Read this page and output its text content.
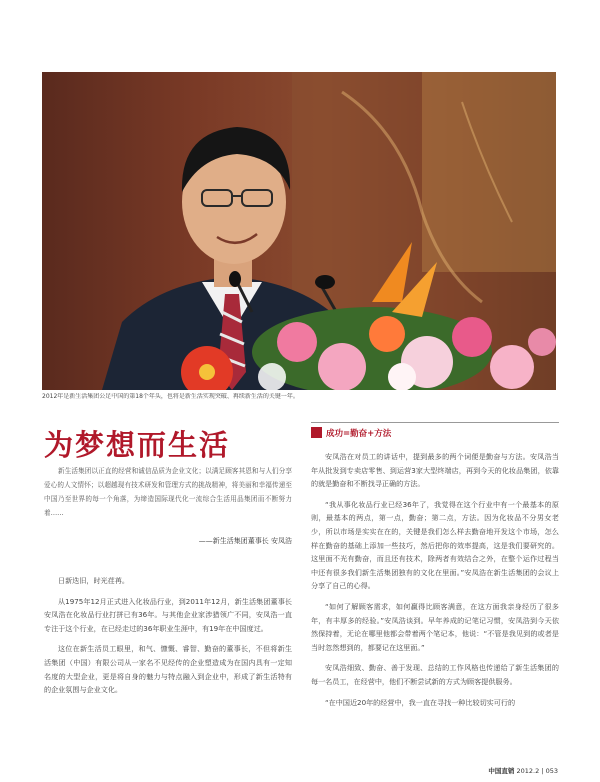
2012年是新生活集团公足中国的第18个年头，也将是新生活实现突破、再续新生活的关键一年。
为梦想而生活

新生活集团以正直的经营和诚信品质为企业文化；以满足顾客其恩和与人们分享爱心的人文情怀；以超越现有技术研发和管理方式的挑战精神，将美丽和幸福传递至中国乃至世界的每一个角落，为缔造国际现代化一流综合生活用品集团而不断努力着……

——新生活集团董事长 安凤浩
成功=勤奋+方法

安凤浩在对员工的讲话中，提到最多的两个词便是勤奋与方法。安凤浩当年从批发到专卖店零售、到运营3家大型终端店，再到今天的化妆品集团，依靠的就是勤奋和不断找寻正确的方法。

“我从事化妆品行业已经36年了，我觉得在这个行业中有一个最基本的原则，最基本的两点，第一点，勤奋；第二点，方法。因为化妆品不分男女老少，所以市场是实实在在的，关键是我们怎么样去勤奋地开发这个市场，怎么样在勤奋的基础上添加一些技巧，然后把你的效率提高，这是我们要研究的。这里面不光有勤奋，而且还有技术，除两者有效结合之外，在整个运作过程当中还有很多我们新生活集团独有的文化在里面。”安凤浩在新生活集团的会议上分享了自己的心得。

“如何了解顾客需求，如何赢得比顾客满意，在这方面我亲身经历了很多年，有丰厚多的经验。”安凤浩谈到。早年养成的记笔记习惯，安凤浩到今天依然保持着，无论在哪里他都会带着两个笔记本，他说：“不管是我见到的或者是当时忽然想到的，都要记在这里面。”

安凤浩细致、勤奋、善于发现、总结的工作风格也传递给了新生活集团的每一名员工，在经营中，他们不断尝试新的方式为顾客提供服务。

“在中国近20年的经营中，我一直在寻找一种比较切实可行的

日新迭旧，时光荏苒。

从1975年12月正式进入化妆品行业，到2011年12月，新生活集团董事长安凤浩在化妆品行业打拼已有36年。与其他企业家涉猎领广不同，安凤浩一直专注于这个行业，在已经走过的36年职业生涯中，有19年在中国度过。

这位在新生活员工眼里，和气、慷慨、睿智、勤奋的董事长，不但将新生活集团（中国）有限公司从一家名不见经传的企业塑造成为在国内具有一定知名度的大型企业，更是将自身的魅力与特点融入到企业中，形成了新生活特有的企业氛围与企业文化。

中国直销 2012.2 | 053
